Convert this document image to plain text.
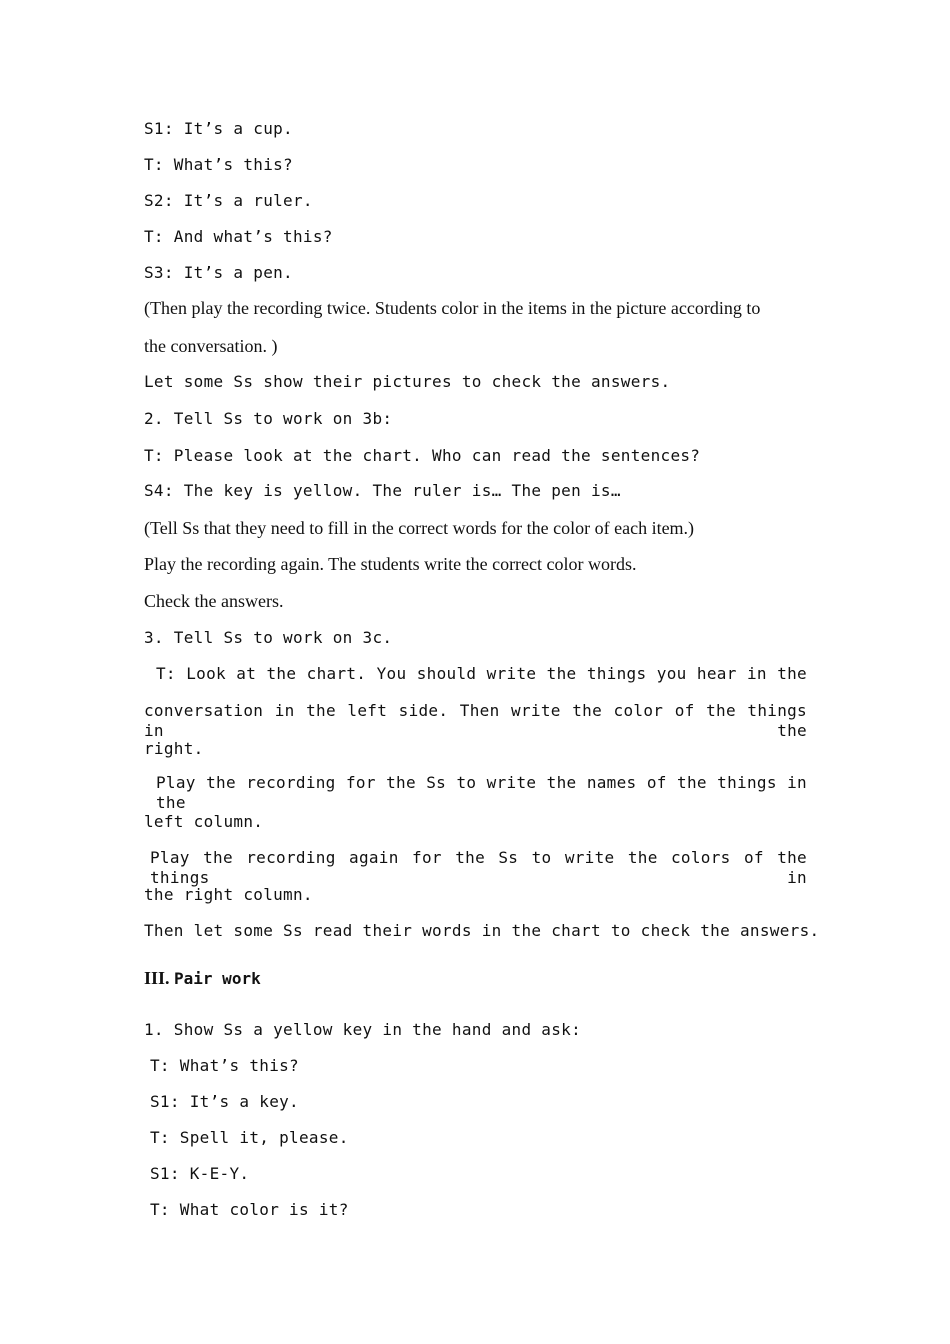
S1: It’s a cup.
T: What’s this?
S2: It’s a ruler.
T: And what’s this?
S3: It’s a pen.
(Then play the recording twice. Students color in the items in the picture according to
the conversation. )
Let some Ss show their pictures to check the answers.
2. Tell Ss to work on 3b:
T: Please look at the chart. Who can read the sentences?
S4: The key is yellow. The ruler is… The pen is…
(Tell Ss that they need to fill in the correct words for the color of each item.)
Play the recording again. The students write the correct color words.
Check the answers.
3. Tell Ss to work on 3c.
T: Look at the chart. You should write the things you hear in the
conversation in the left side. Then write the color of the things in the
right.
Play the recording for the Ss to write the names of the things in the
left column.
Play the recording again for the Ss to write the colors of the things in
the right column.
Then let some Ss read their words in the chart to check the answers.
III. Pair work
1. Show Ss a yellow key in the hand and ask:
T: What’s this?
S1: It’s a key.
T: Spell it, please.
S1: K-E-Y.
T: What color is it?
